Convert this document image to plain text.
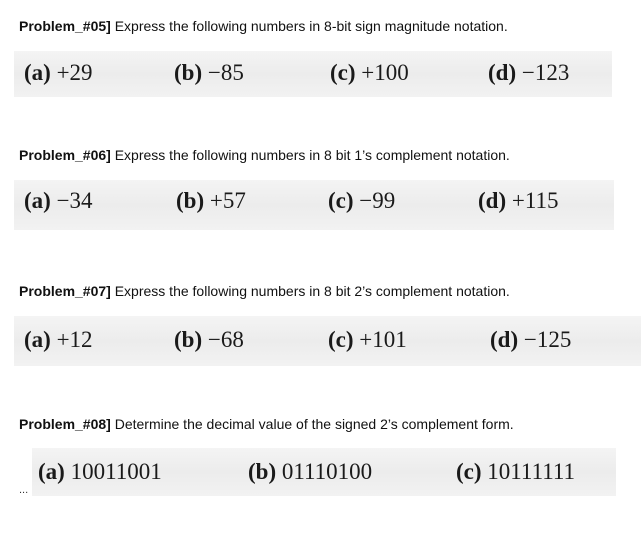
Problem_#05] Express the following numbers in 8-bit sign magnitude notation.

(a) +29	(b) −85	(c) +100	(d) −123
Problem_#06] Express the following numbers in 8 bit 1’s complement notation.
(a) −34	(b) +57	(c) −99	(d) +115
Problem_#07] Express the following numbers in 8 bit 2’s complement notation.
(a) +12	(b) −68	(c) +101	(d) −125
Problem_#08] Determine the decimal value of the signed 2’s complement form.
(a) 10011001	(b) 01110100	(c) 10111111
...
